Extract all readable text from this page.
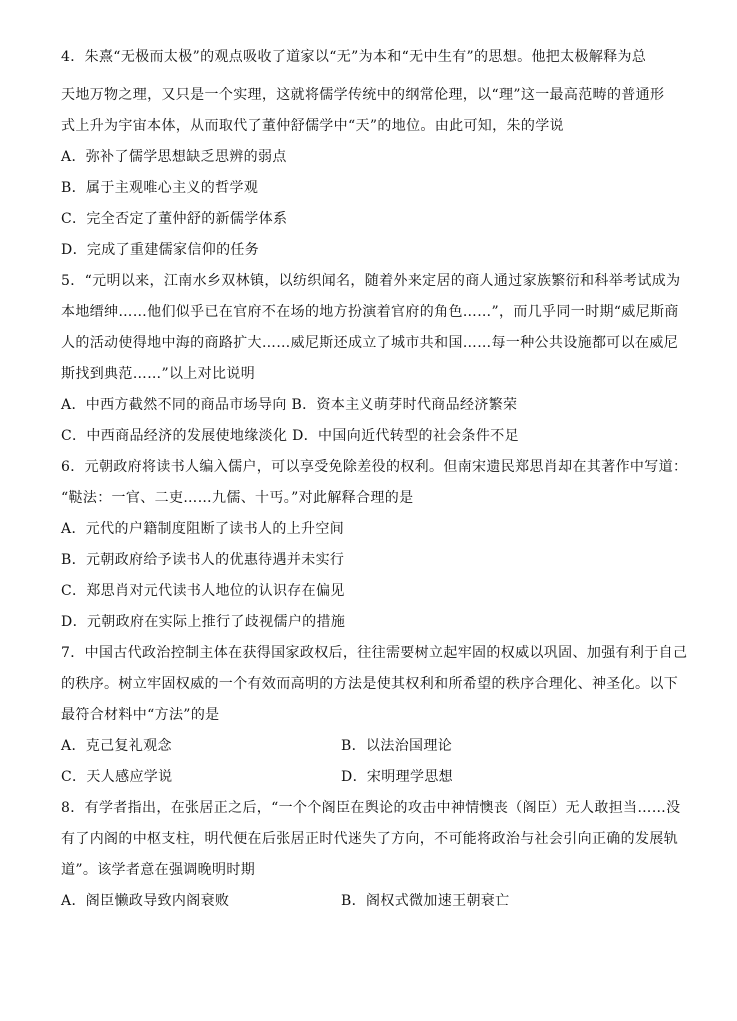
4．朱熹“无极而太极”的观点吸收了道家以“无”为本和“无中生有”的思想。他把太极解释为总
天地万物之理，又只是一个实理，这就将儒学传统中的纲常伦理，以“理”这一最高范畴的普通形
式上升为宇宙本体，从而取代了董仲舒儒学中“天”的地位。由此可知，朱的学说
A．弥补了儒学思想缺乏思辨的弱点
B．属于主观唯心主义的哲学观
C．完全否定了董仲舒的新儒学体系
D．完成了重建儒家信仰的任务
5．“元明以来，江南水乡双林镇，以纺织闻名，随着外来定居的商人通过家族繁衍和科举考试成为
本地缙绅……他们似乎已在官府不在场的地方扮演着官府的角色……”，而几乎同一时期“威尼斯商
人的活动使得地中海的商路扩大……威尼斯还成立了城市共和国……每一种公共设施都可以在威尼
斯找到典范……”以上对比说明
A．中西方截然不同的商品市场导向 B．资本主义萌芽时代商品经济繁荣
C．中西商品经济的发展使地缘淡化 D．中国向近代转型的社会条件不足
6．元朝政府将读书人编入儒户，可以享受免除差役的权利。但南宋遗民郑思肖却在其著作中写道：
“鞑法：一官、二吏……九儒、十丐。”对此解释合理的是
A．元代的户籍制度阻断了读书人的上升空间
B．元朝政府给予读书人的优惠待遇并未实行
C．郑思肖对元代读书人地位的认识存在偏见
D．元朝政府在实际上推行了歧视儒户的措施
7．中国古代政治控制主体在获得国家政权后，往往需要树立起牢固的权威以巩固、加强有利于自己
的秩序。树立牢固权威的一个有效而高明的方法是使其权利和所希望的秩序合理化、神圣化。以下
最符合材料中“方法”的是
A．克己复礼观念	B．以法治国理论
C．天人感应学说	D．宋明理学思想
8．有学者指出，在张居正之后，“一个个阁臣在舆论的攻击中神情懊丧（阁臣）无人敢担当……没
有了内阁的中枢支柱，明代便在后张居正时代迷失了方向，不可能将政治与社会引向正确的发展轨
道”。该学者意在强调晚明时期
A．阁臣懒政导致内阁衰败	B．阁权式微加速王朝衰亡
